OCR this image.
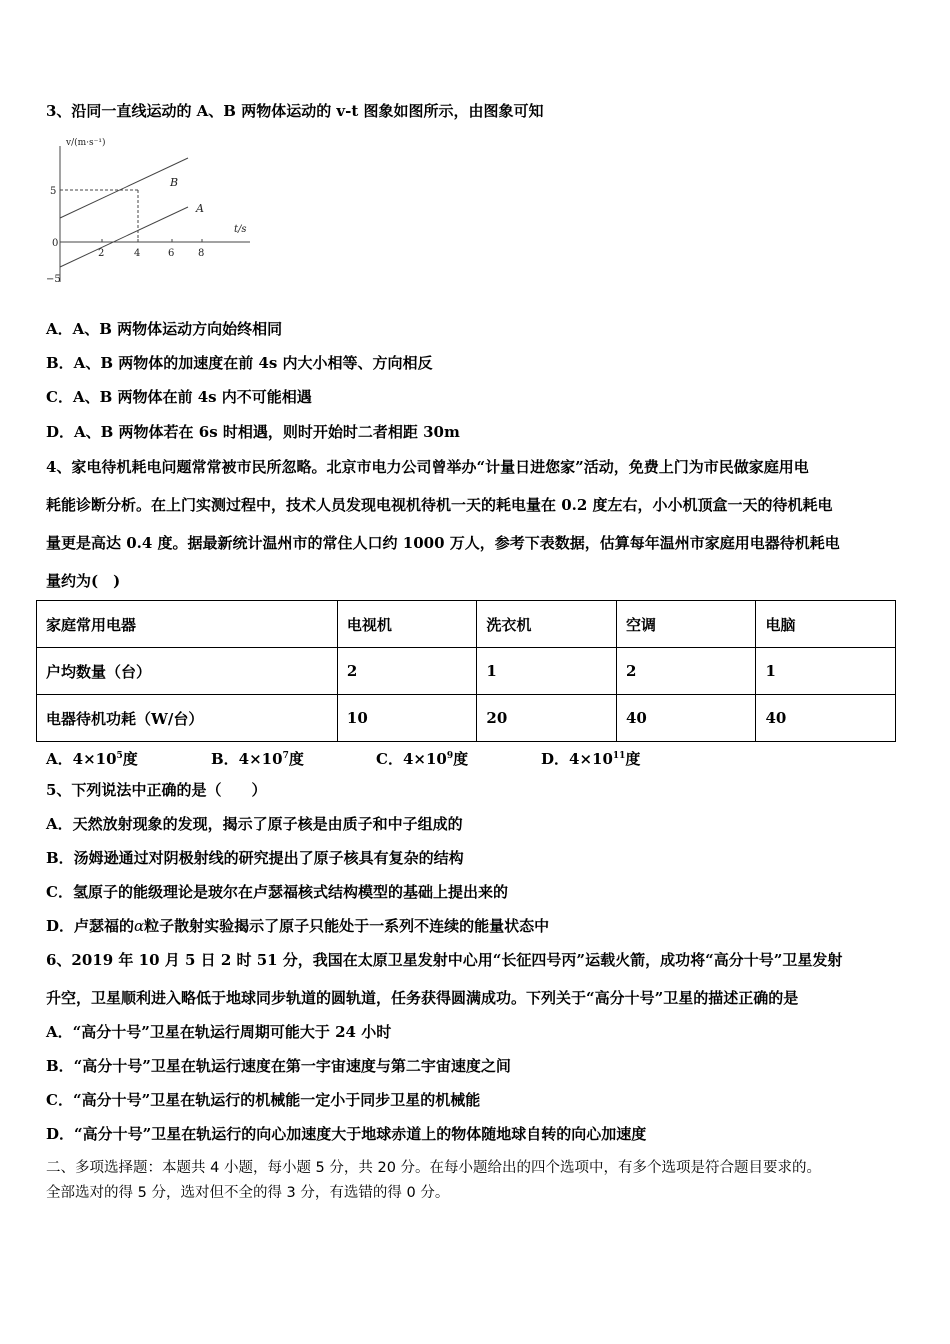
3、沿同一直线运动的 A、B 两物体运动的 v-t 图象如图所示，由图象可知
v/(m·s⁻¹)
t/s
5
0
−5
2	4	6 8
B
A
A．A、B 两物体运动方向始终相同
B．A、B 两物体的加速度在前 4s 内大小相等、方向相反
C．A、B 两物体在前 4s 内不可能相遇
D．A、B 两物体若在 6s 时相遇，则时开始时二者相距 30m
4、家电待机耗电问题常常被市民所忽略。北京市电力公司曾举办“计量日进您家”活动，免费上门为市民做家庭用电
耗能诊断分析。在上门实测过程中，技术人员发现电视机待机一天的耗电量在 0.2 度左右，小小机顶盒一天的待机耗电
量更是高达 0.4 度。据最新统计温州市的常住人口约 1000 万人，参考下表数据，估算每年温州市家庭用电器待机耗电
量约为(　)
家庭常用电器	电视机	洗衣机	空调	电脑
户均数量（台）	2	1	2	1
电器待机功耗（W/台）	10	20	40	40
A．$4\times 10^5$度	B．$4\times 10^7$度	C．$4\times 10^9$度	D．$4\times 10^{11}$度
5、下列说法中正确的是（　　）
A．天然放射现象的发现，揭示了原子核是由质子和中子组成的
B．汤姆逊通过对阴极射线的研究提出了原子核具有复杂的结构
C．氢原子的能级理论是玻尔在卢瑟福核式结构模型的基础上提出来的
D．卢瑟福的α粒子散射实验揭示了原子只能处于一系列不连续的能量状态中
6、2019 年 10 月 5 日 2 时 51 分，我国在太原卫星发射中心用“长征四号丙”运载火箭，成功将“高分十号”卫星发射
升空，卫星顺利进入略低于地球同步轨道的圆轨道，任务获得圆满成功。下列关于“高分十号”卫星的描述正确的是
A．“高分十号”卫星在轨运行周期可能大于 24 小时
B．“高分十号”卫星在轨运行速度在第一宇宙速度与第二宇宙速度之间
C．“高分十号”卫星在轨运行的机械能一定小于同步卫星的机械能
D．“高分十号”卫星在轨运行的向心加速度大于地球赤道上的物体随地球自转的向心加速度
二、多项选择题：本题共 4 小题，每小题 5 分，共 20 分。在每小题给出的四个选项中，有多个选项是符合题目要求的。
全部选对的得 5 分，选对但不全的得 3 分，有选错的得 0 分。
